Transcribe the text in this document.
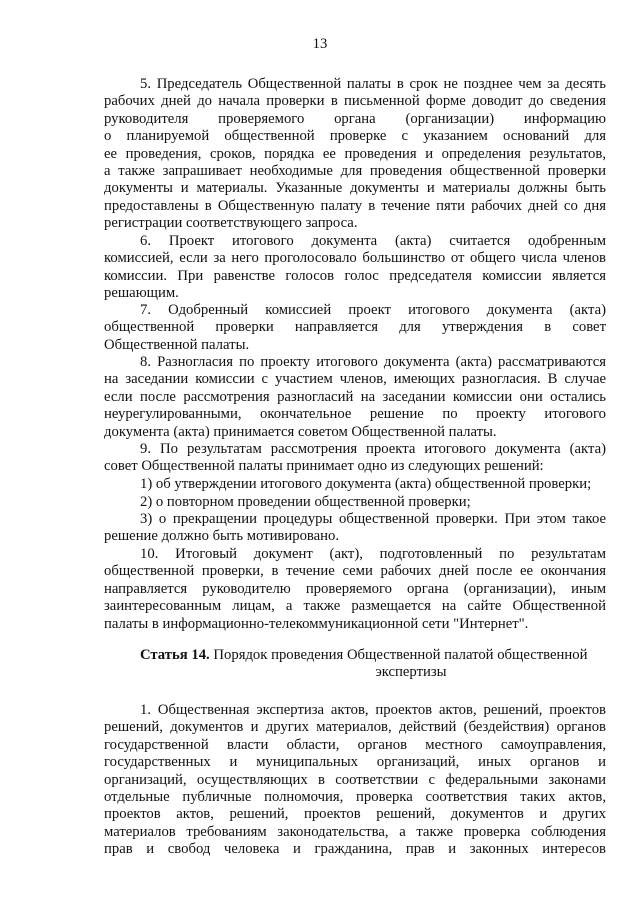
13

5. Председатель Общественной палаты в срок не позднее чем за десять

рабочих дней до начала проверки в письменной форме доводит до сведения

руководителя проверяемого органа (организации) информацию

о планируемой общественной проверке с указанием оснований для

ее проведения, сроков, порядка ее проведения и определения результатов,

а также запрашивает необходимые для проведения общественной проверки

документы и материалы. Указанные документы и материалы должны быть

предоставлены в Общественную палату в течение пяти рабочих дней со дня

регистрации соответствующего запроса.

6. Проект итогового документа (акта) считается одобренным

комиссией, если за него проголосовало большинство от общего числа членов

комиссии. При равенстве голосов голос председателя комиссии является

решающим.

7. Одобренный комиссией проект итогового документа (акта)

общественной проверки направляется для утверждения в совет

Общественной палаты.

8. Разногласия по проекту итогового документа (акта) рассматриваются

на заседании комиссии с участием членов, имеющих разногласия. В случае

если после рассмотрения разногласий на заседании комиссии они остались

неурегулированными, окончательное решение по проекту итогового

документа (акта) принимается советом Общественной палаты.

9. По результатам рассмотрения проекта итогового документа (акта)

совет Общественной палаты принимает одно из следующих решений:

1) об утверждении итогового документа (акта) общественной проверки;

2) о повторном проведении общественной проверки;

3) о прекращении процедуры общественной проверки. При этом такое

решение должно быть мотивировано.

10. Итоговый документ (акт), подготовленный по результатам

общественной проверки, в течение семи рабочих дней после ее окончания

направляется руководителю проверяемого органа (организации), иным

заинтересованным лицам, а также размещается на сайте Общественной

палаты в информационно-телекоммуникационной сети "Интернет".

Статья 14. Порядок проведения Общественной палатой общественной
экспертизы

1. Общественная экспертиза актов, проектов актов, решений, проектов

решений, документов и других материалов, действий (бездействия) органов

государственной власти области, органов местного самоуправления,

государственных и муниципальных организаций, иных органов и

организаций, осуществляющих в соответствии с федеральными законами

отдельные публичные полномочия, проверка соответствия таких актов,

проектов актов, решений, проектов решений, документов и других

материалов требованиям законодательства, а также проверка соблюдения

прав и свобод человека и гражданина, прав и законных интересов
